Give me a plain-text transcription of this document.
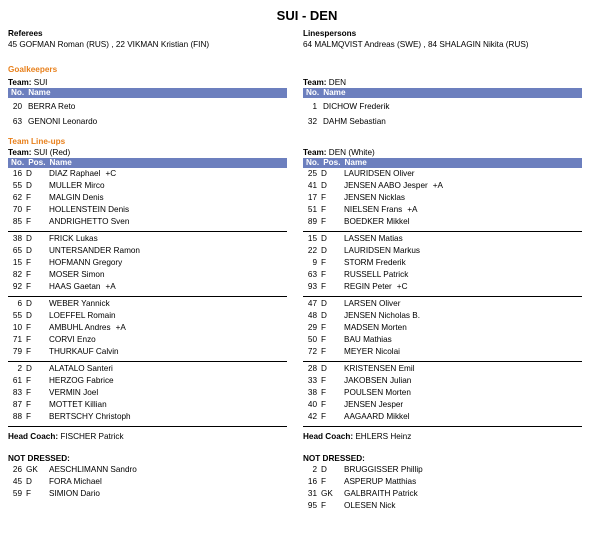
SUI - DEN
Referees
45 GOFMAN Roman (RUS) , 22 VIKMAN Kristian (FIN)
Linespersons
64 MALMQVIST Andreas (SWE) , 84 SHALAGIN Nikita (RUS)
Goalkeepers
Team: SUI
No. Name
20 BERRA Reto
63 GENONI Leonardo

Team: DEN
No. Name
1 DICHOW Frederik
32 DAHM Sebastian
Team Line-ups
Team: SUI (Red)
No. Pos. Name
16 D	DIAZ Raphael +C
55 D	MULLER Mirco
62 F	MALGIN Denis
70 F	HOLLENSTEIN Denis
85 F	ANDRIGHETTO Sven
38 D	FRICK Lukas
65 D	UNTERSANDER Ramon
15 F	HOFMANN Gregory
82 F	MOSER Simon
92 F	HAAS Gaetan +A
6 D	WEBER Yannick
55 D	LOEFFEL Romain
10 F	AMBUHL Andres +A
71 F	CORVI Enzo
79 F	THURKAUF Calvin
2 D	ALATALO Santeri
61 F	HERZOG Fabrice
83 F	VERMIN Joel
87 F	MOTTET Killian
88 F	BERTSCHY Christoph
Head Coach: FISCHER Patrick
NOT DRESSED:
26 GK	AESCHLIMANN Sandro
45 D	FORA Michael
59 F	SIMION Dario

Team: DEN (White)
No. Pos. Name
25 D	LAURIDSEN Oliver
41 D	JENSEN AABO Jesper +A
17 F	JENSEN Nicklas
51 F	NIELSEN Frans +A
89 F	BOEDKER Mikkel
15 D	LASSEN Matias
22 D	LAURIDSEN Markus
9 F	STORM Frederik
63 F	RUSSELL Patrick
93 F	REGIN Peter +C
47 D	LARSEN Oliver
48 D	JENSEN Nicholas B.
29 F	MADSEN Morten
50 F	BAU Mathias
72 F	MEYER Nicolai
28 D	KRISTENSEN Emil
33 F	JAKOBSEN Julian
38 F	POULSEN Morten
40 F	JENSEN Jesper
42 F	AAGAARD Mikkel
Head Coach: EHLERS Heinz
NOT DRESSED:
2 D	BRUGGISSER Phillip
16 F	ASPERUP Matthias
31 GK	GALBRAITH Patrick
95 F	OLESEN Nick
